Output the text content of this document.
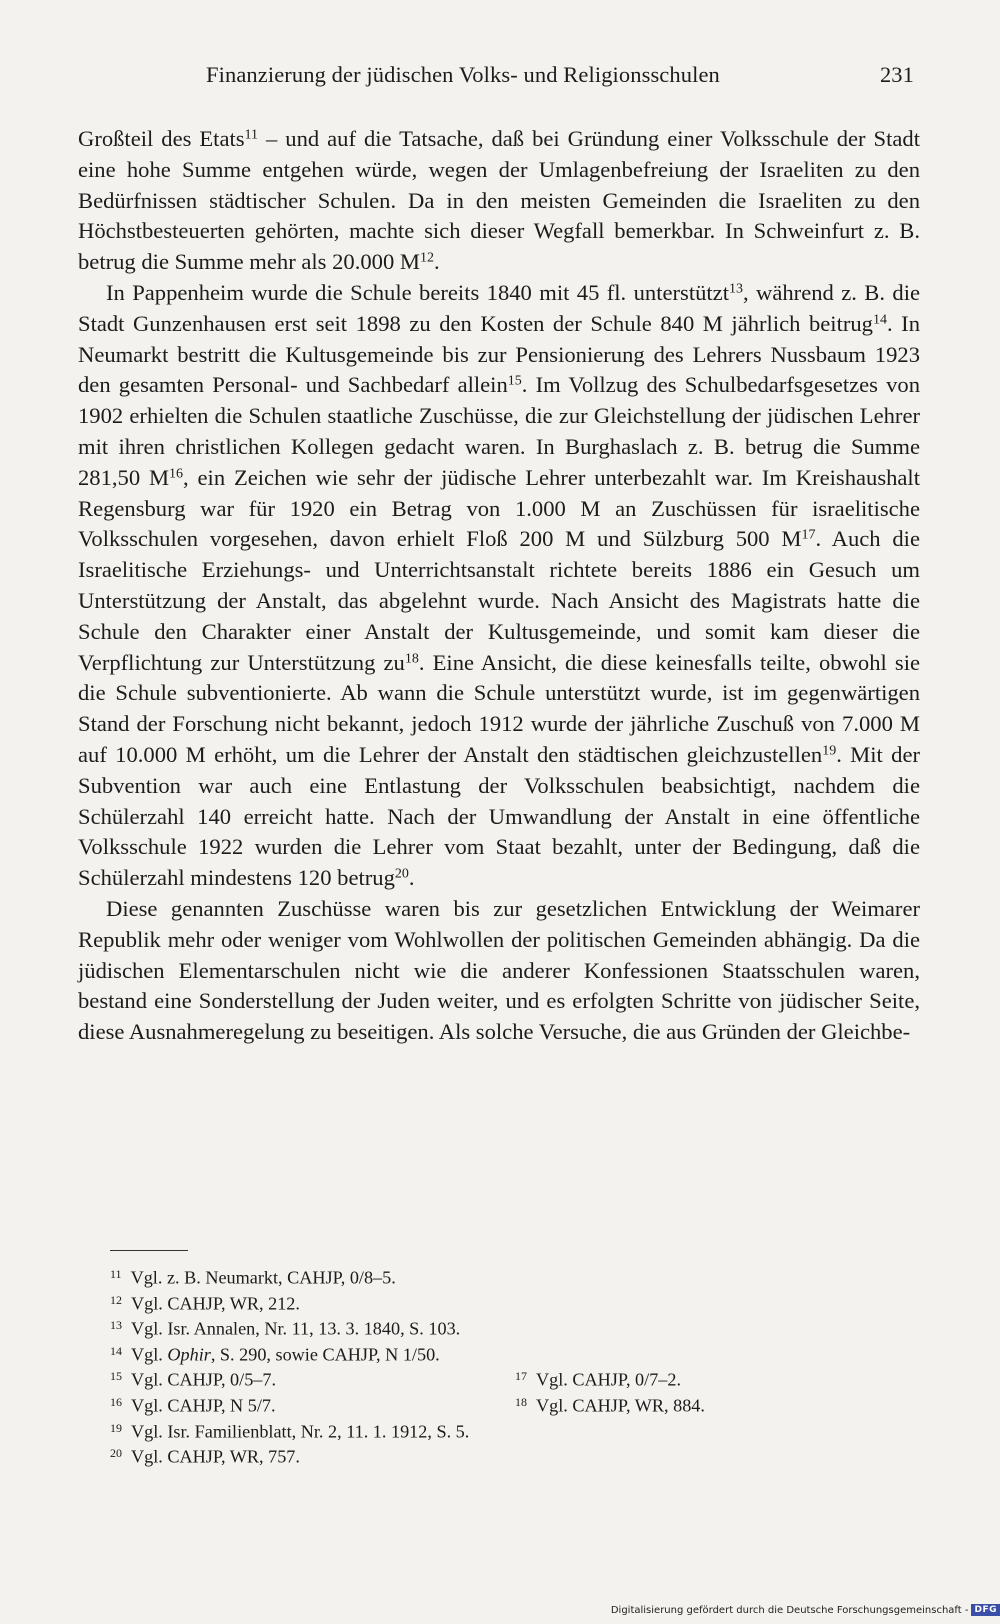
Finanzierung der jüdischen Volks- und Religionsschulen	231

Großteil des Etats$^{11}$ – und auf die Tatsache, daß bei Gründung einer Volksschule der Stadt eine hohe Summe entgehen würde, wegen der Umlagenbefreiung der Israeliten zu den Bedürfnissen städtischer Schulen. Da in den meisten Gemeinden die Israeliten zu den Höchstbesteuerten gehörten, machte sich dieser Wegfall bemerkbar. In Schweinfurt z. B. betrug die Summe mehr als 20.000 $M^{12}$.

In Pappenheim wurde die Schule bereits 1840 mit 45 fl. unterstützt$^{13}$, während z. B. die Stadt Gunzenhausen erst seit 1898 zu den Kosten der Schule 840 M jährlich beitrug$^{14}$. In Neumarkt bestritt die Kultusgemeinde bis zur Pensionierung des Lehrers Nussbaum 1923 den gesamten Personal- und Sachbedarf allein$^{15}$. Im Vollzug des Schulbedarfsgesetzes von 1902 erhielten die Schulen staatliche Zuschüsse, die zur Gleichstellung der jüdischen Lehrer mit ihren christlichen Kollegen gedacht waren. In Burghaslach z. B. betrug die Summe 281,50 $M^{16}$, ein Zeichen wie sehr der jüdische Lehrer unterbezahlt war. Im Kreishaushalt Regensburg war für 1920 ein Betrag von 1.000 M an Zuschüssen für israelitische Volksschulen vorgesehen, davon erhielt Floß 200 M und Sülzburg 500 $M^{17}$. Auch die Israelitische Erziehungs- und Unterrichtsanstalt richtete bereits 1886 ein Gesuch um Unterstützung der Anstalt, das abgelehnt wurde. Nach Ansicht des Magistrats hatte die Schule den Charakter einer Anstalt der Kultusgemeinde, und somit kam dieser die Verpflichtung zur Unterstützung $zu^{18}$. Eine Ansicht, die diese keinesfalls teilte, obwohl sie die Schule subventionierte. Ab wann die Schule unterstützt wurde, ist im gegenwärtigen Stand der Forschung nicht bekannt, jedoch 1912 wurde der jährliche Zuschuß von 7.000 M auf 10.000 M erhöht, um die Lehrer der Anstalt den städtischen gleichzustellen$^{19}$. Mit der Subvention war auch eine Entlastung der Volksschulen beabsichtigt, nachdem die Schülerzahl 140 erreicht hatte. Nach der Umwandlung der Anstalt in eine öffentliche Volksschule 1922 wurden die Lehrer vom Staat bezahlt, unter der Bedingung, daß die Schülerzahl mindestens 120 betrug$^{20}$.

Diese genannten Zuschüsse waren bis zur gesetzlichen Entwicklung der Weimarer Republik mehr oder weniger vom Wohlwollen der politischen Gemeinden abhängig. Da die jüdischen Elementarschulen nicht wie die anderer Konfessionen Staatsschulen waren, bestand eine Sonderstellung der Juden weiter, und es erfolgten Schritte von jüdischer Seite, diese Ausnahmeregelung zu beseitigen. Als solche Versuche, die aus Gründen der Gleichbe-

$^{11}$ Vgl. z. B. Neumarkt, CAHJP, 0/8–5.
$^{12}$ Vgl. CAHJP, WR, 212.
$^{13}$ Vgl. Isr. Annalen, Nr. 11, 13. 3. 1840, S. 103.
$^{14}$ Vgl. Ophir, S. 290, sowie CAHJP, N 1/50.
$^{15}$ Vgl. CAHJP, 0/5–7.	$^{17}$ Vgl. CAHJP, 0/7–2.
$^{16}$ Vgl. CAHJP, N 5/7.	$^{18}$ Vgl. CAHJP, WR, 884.
$^{19}$ Vgl. Isr. Familienblatt, Nr. 2, 11. 1. 1912, S. 5.
$^{20}$ Vgl. CAHJP, WR, 757.
Digitalisierung gefördert durch die Deutsche Forschungsgemeinschaft - DFG
